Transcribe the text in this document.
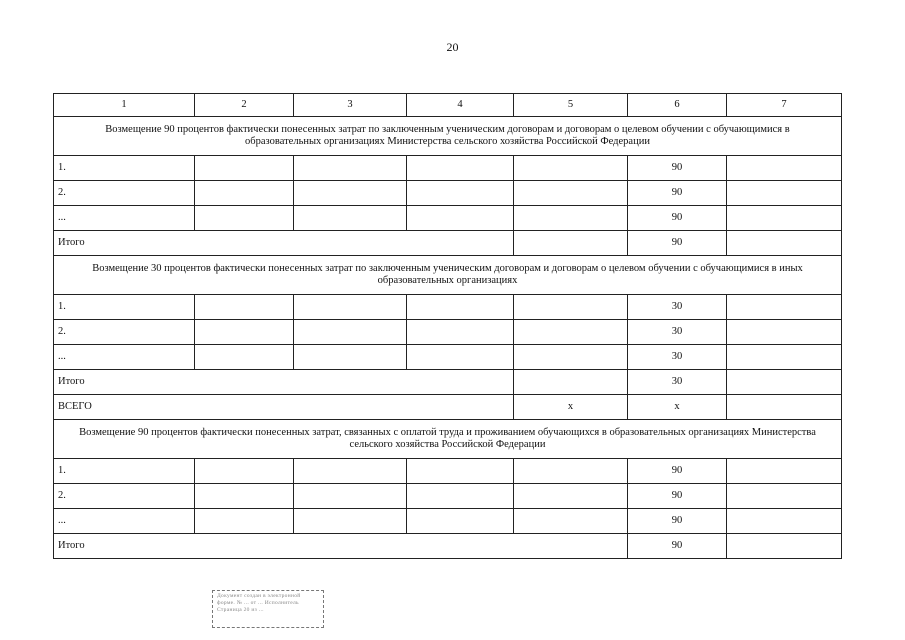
20
1	2	3	4	5	6	7
Возмещение 90 процентов фактически понесенных затрат по заключенным ученическим договорам и договорам о целевом обучении с обучающимися в образовательных организациях Министерства сельского хозяйства Российской Федерации						
1.					90	
2.					90	
...					90	
Итого					90	
Возмещение 30 процентов фактически понесенных затрат по заключенным ученическим договорам и договорам о целевом обучении с обучающимися в иных образовательных организациях						
1.					30	
2.					30	
...					30	
Итого					30	
ВСЕГО				x	x	
Возмещение 90 процентов фактически понесенных затрат, связанных с оплатой труда и проживанием обучающихся в образовательных организациях Министерства сельского хозяйства Российской Федерации						
1.					90	
2.					90	
...					90	
Итого					90	
Документ создан в электронной
форме. № ... от ... Исполнитель
Страница 20 из ...
